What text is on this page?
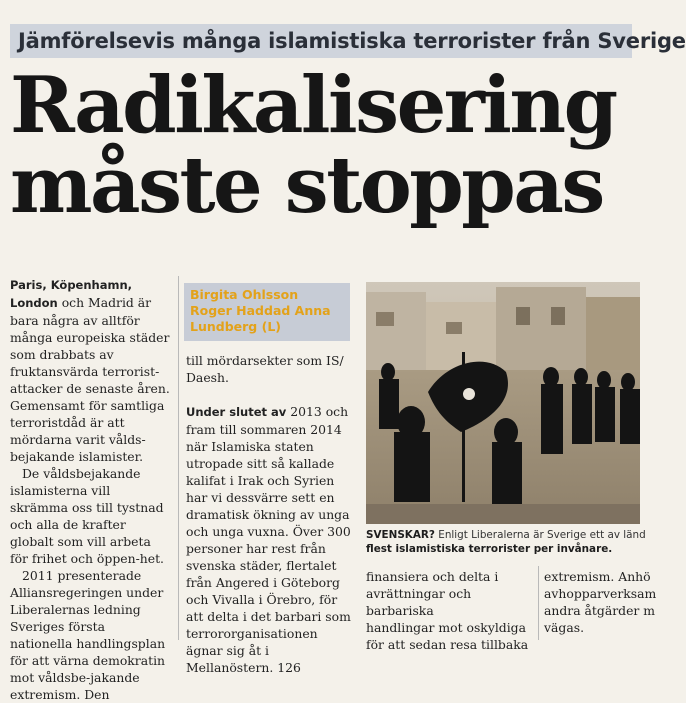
Jämförelsevis många islamistiska terrorister från Sverige
Radikalisering
måste stoppas

Paris, Köpenhamn, London och Madrid är bara några av alltför många europeiska städer som drabbats av fruktansvärda terrorist-attacker de senaste åren. Gemensamt för samtliga terroristdåd är att mördarna varit vålds-bejakande islamister.

De våldsbejakande islamisterna vill skrämma oss till tystnad och alla de krafter globalt som vill arbeta för frihet och öppen-het.

2011 presenterade Alliansregeringen under Liberalernas ledning Sveriges första nationella handlingsplan för att värna demokratin mot våldsbe-jakande extremism. Den

Birgita Ohlsson
Roger Haddad Anna
Lundberg (L)

till mördarsekter som IS/ Daesh.

Under slutet av 2013 och fram till sommaren 2014 när Islamiska staten utropade sitt så kallade kalifat i Irak och Syrien har vi dessvärre sett en dramatisk ökning av unga och unga vuxna. Över 300 personer har rest från svenska städer, flertalet från Angered i Göteborg och Vivalla i Örebro, för att delta i det barbari som terrororganisationen ägnar sig åt i Mellanöstern. 126

SVENSKAR? Enligt Liberalerna är Sverige ett av länd
flest islamistiska terrorister per invånare.

finansiera och delta i

avrättningar och barbariska

handlingar mot oskyldiga

för att sedan resa tillbaka

extremism. Anhö

avhopparverksam

andra åtgärder m

vägas.
